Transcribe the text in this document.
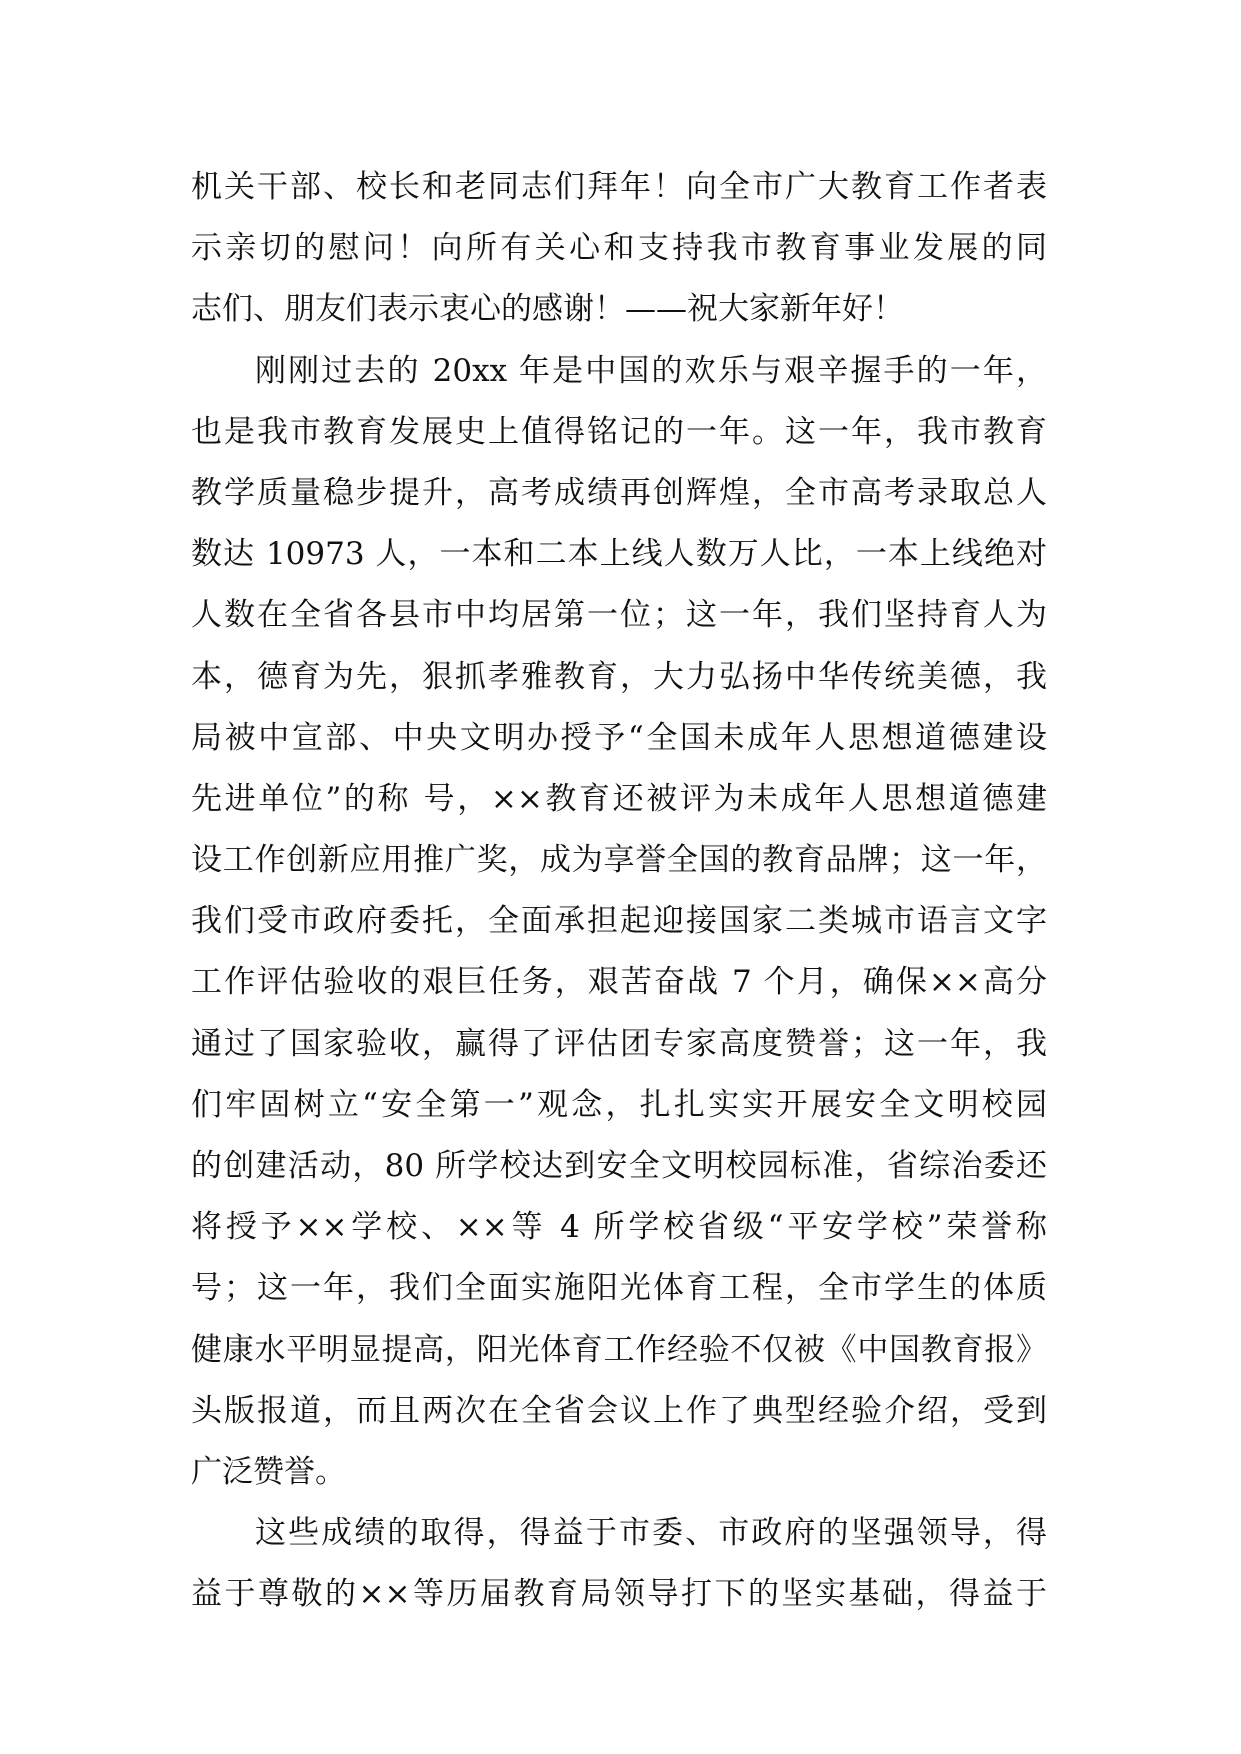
机关干部、校长和老同志们拜年！向全市广大教育工作者表
示亲切的慰问！向所有关心和支持我市教育事业发展的同
志们、朋友们表示衷心的感谢！——祝大家新年好！
刚刚过去的 20xx 年是中国的欢乐与艰辛握手的一年，
也是我市教育发展史上值得铭记的一年。这一年，我市教育
教学质量稳步提升，高考成绩再创辉煌，全市高考录取总人
数达 10973 人，一本和二本上线人数万人比，一本上线绝对
人数在全省各县市中均居第一位；这一年，我们坚持育人为
本，德育为先，狠抓孝雅教育，大力弘扬中华传统美德，我
局被中宣部、中央文明办授予“全国未成年人思想道德建设
先进单位”的称 号，××教育还被评为未成年人思想道德建
设工作创新应用推广奖，成为享誉全国的教育品牌；这一年，
我们受市政府委托，全面承担起迎接国家二类城市语言文字
工作评估验收的艰巨任务，艰苦奋战 7 个月，确保××高分
通过了国家验收，赢得了评估团专家高度赞誉；这一年，我
们牢固树立“安全第一”观念，扎扎实实开展安全文明校园
的创建活动，80 所学校达到安全文明校园标准，省综治委还
将授予××学校、××等 4 所学校省级“平安学校”荣誉称
号；这一年，我们全面实施阳光体育工程，全市学生的体质
健康水平明显提高，阳光体育工作经验不仅被《中国教育报》
头版报道，而且两次在全省会议上作了典型经验介绍，受到
广泛赞誉。
这些成绩的取得，得益于市委、市政府的坚强领导，得
益于尊敬的××等历届教育局领导打下的坚实基础，得益于
